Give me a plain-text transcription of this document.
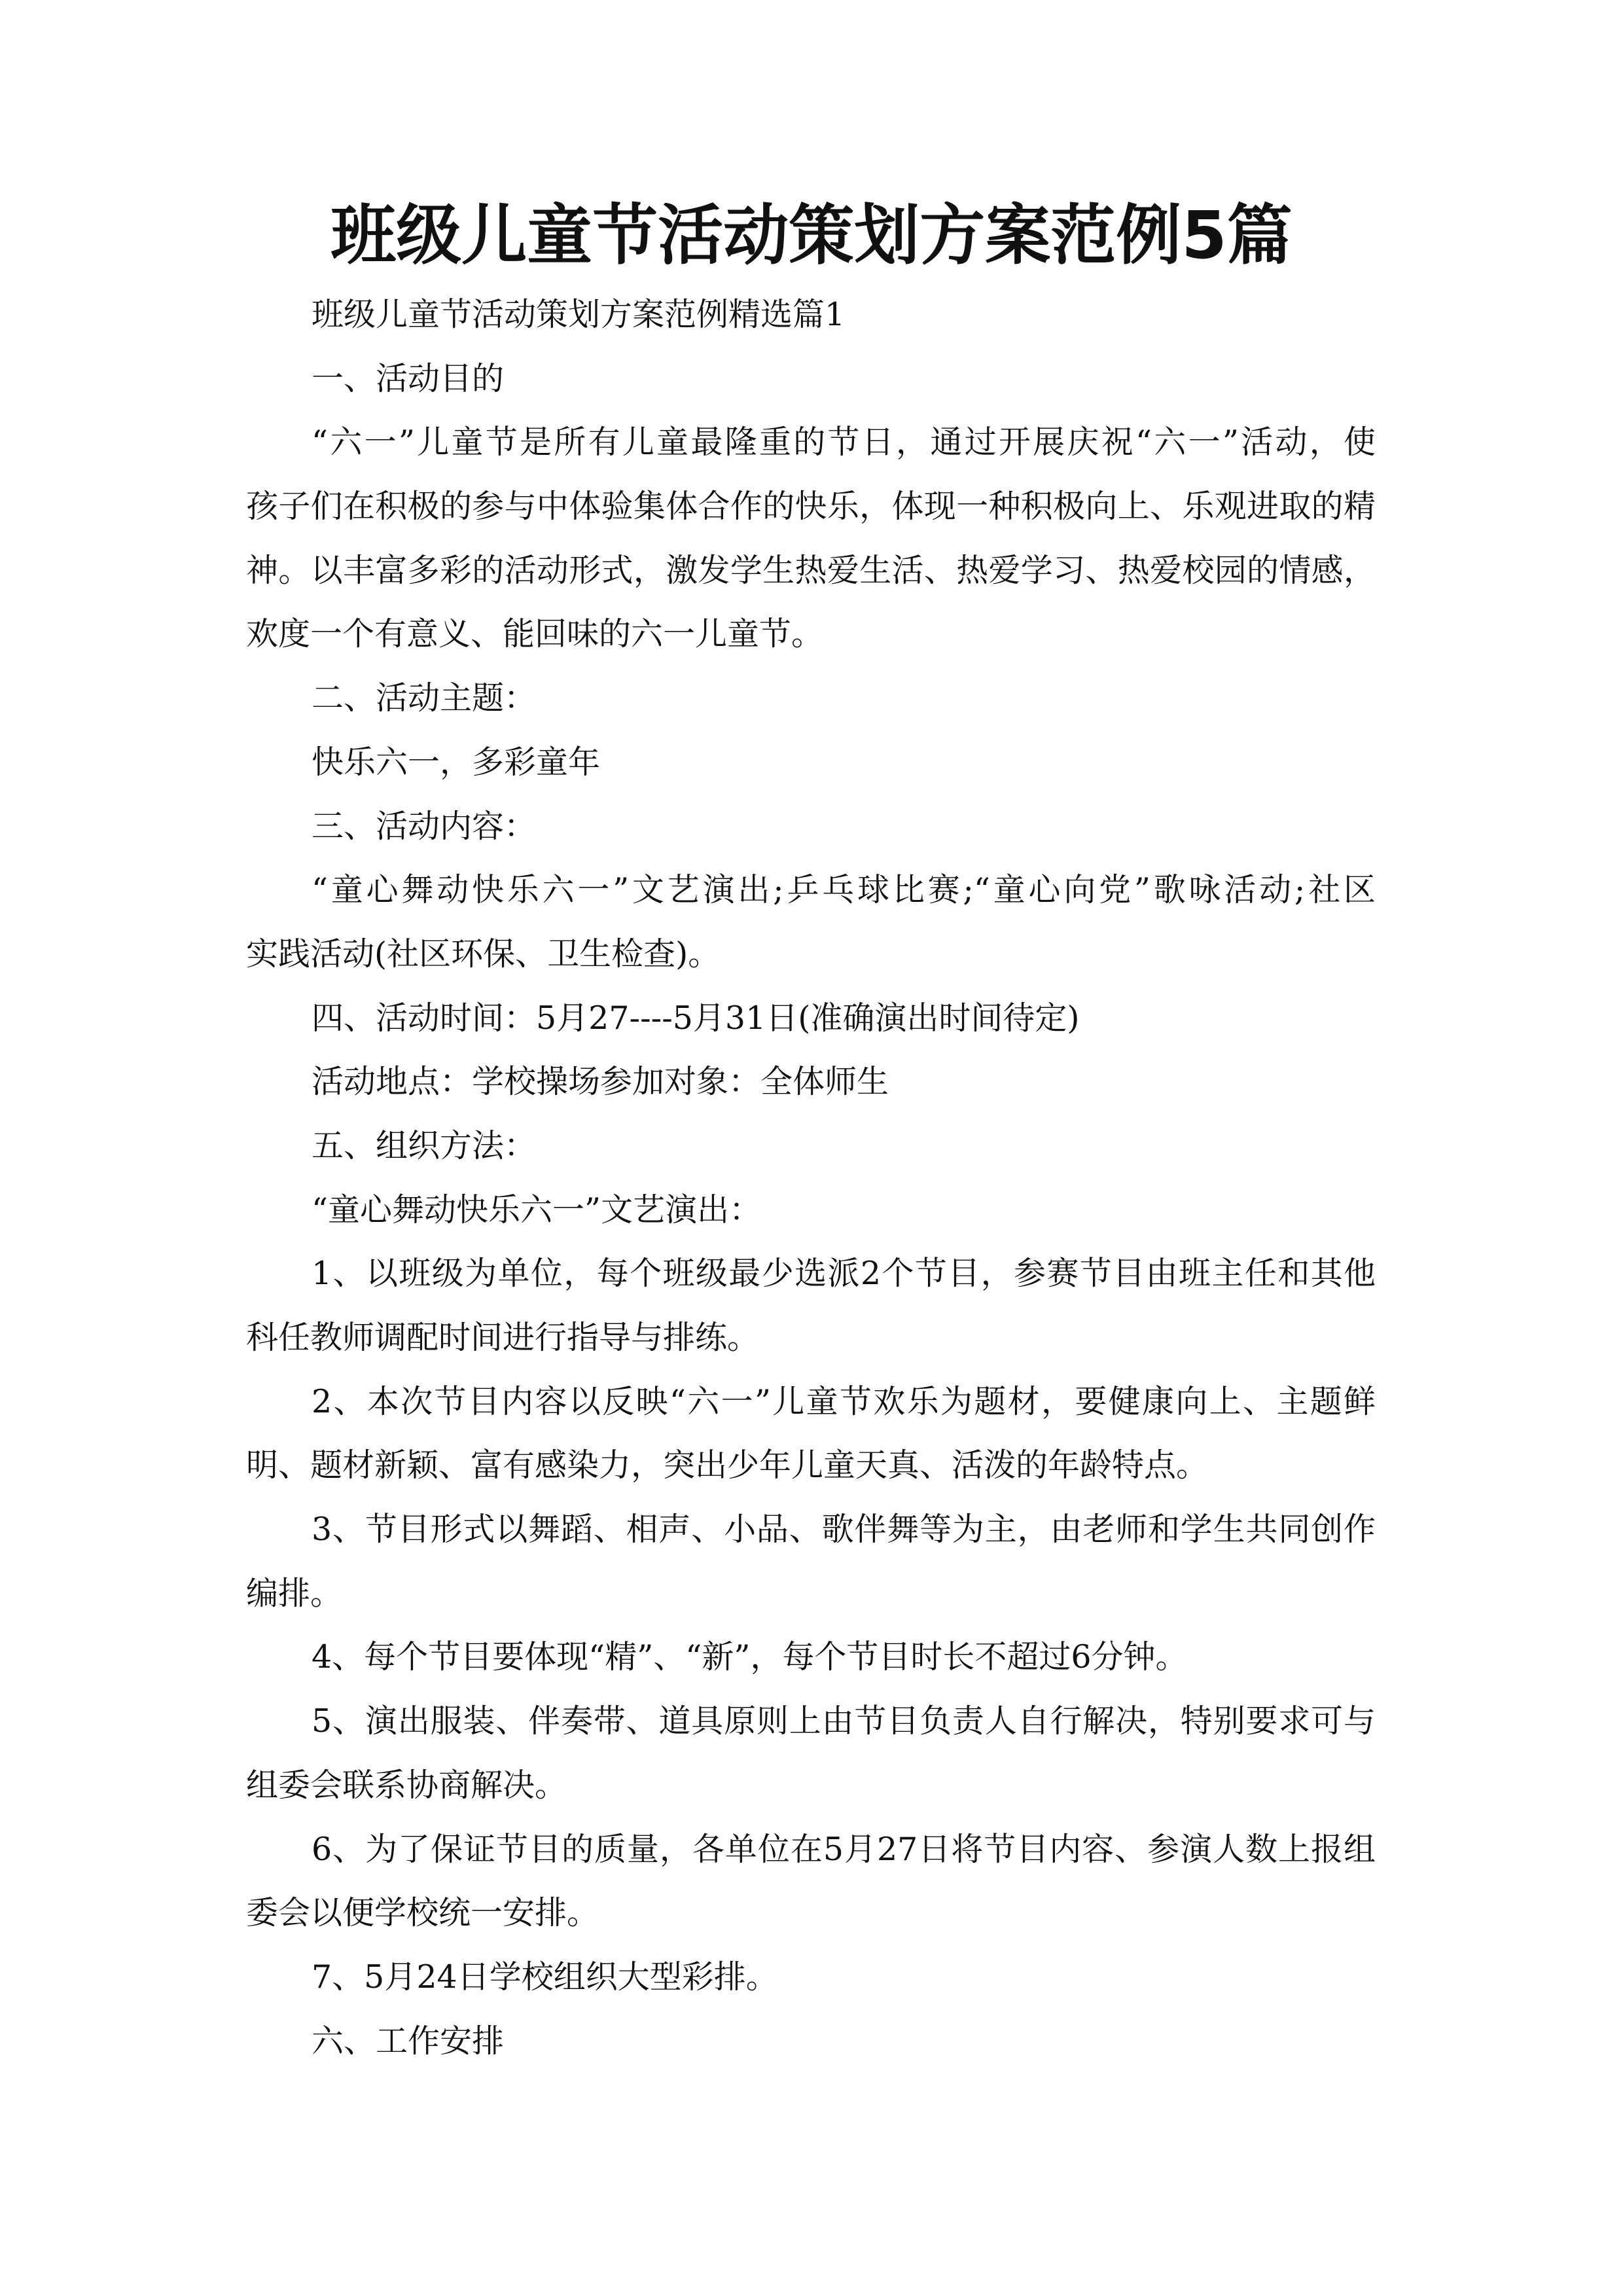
班级儿童节活动策划方案范例5篇
班级儿童节活动策划方案范例精选篇1
一、活动目的
“六一”儿童节是所有儿童最隆重的节日，通过开展庆祝“六一”活动，使
孩子们在积极的参与中体验集体合作的快乐，体现一种积极向上、乐观进取的精
神。以丰富多彩的活动形式，激发学生热爱生活、热爱学习、热爱校园的情感，
欢度一个有意义、能回味的六一儿童节。
二、活动主题：
快乐六一，多彩童年
三、活动内容：
“童心舞动快乐六一”文艺演出;乒乓球比赛;“童心向党”歌咏活动;社区
实践活动(社区环保、卫生检查)。
四、活动时间：5月27----5月31日(准确演出时间待定)
活动地点：学校操场参加对象：全体师生
五、组织方法：
“童心舞动快乐六一”文艺演出：
1、以班级为单位，每个班级最少选派2个节目，参赛节目由班主任和其他
科任教师调配时间进行指导与排练。
2、本次节目内容以反映“六一”儿童节欢乐为题材，要健康向上、主题鲜
明、题材新颖、富有感染力，突出少年儿童天真、活泼的年龄特点。
3、节目形式以舞蹈、相声、小品、歌伴舞等为主，由老师和学生共同创作
编排。
4、每个节目要体现“精”、“新”，每个节目时长不超过6分钟。
5、演出服装、伴奏带、道具原则上由节目负责人自行解决，特别要求可与
组委会联系协商解决。
6、为了保证节目的质量，各单位在5月27日将节目内容、参演人数上报组
委会以便学校统一安排。
7、5月24日学校组织大型彩排。
六、工作安排
